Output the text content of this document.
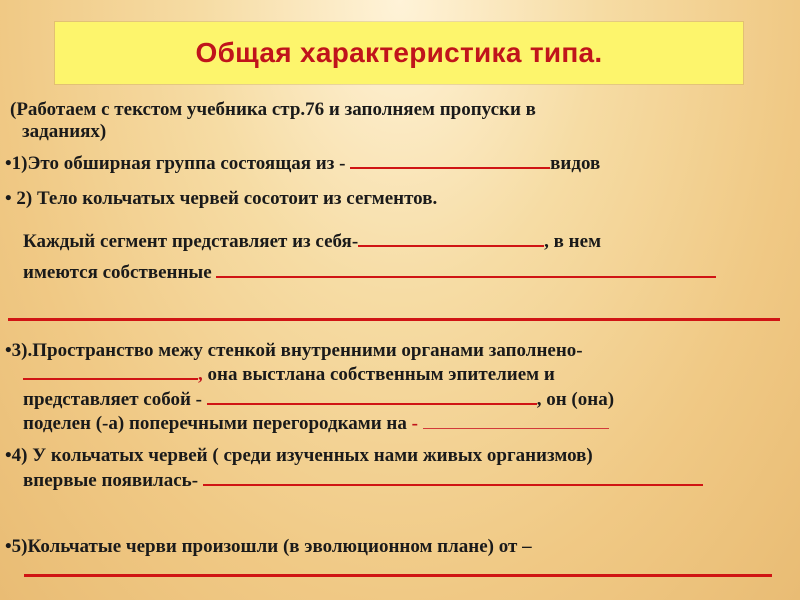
Общая характеристика типа.
(Работаем с текстом учебника стр.76 и заполняем пропуски в
заданиях)
•1)Это обширная группа состоящая из -	видов
• 2) Тело кольчатых червей сосотоит из сегментов.
Каждый сегмент представляет из себя-	, в нем
имеются собственные
•3).Пространство межу стенкой внутренними органами заполнено-
, она выстлана собственным эпителием и
представляет собой -	, он (она)
поделен (-а) поперечными перегородками на -
•4) У кольчатых червей ( среди изученных нами живых организмов)
впервые появилась-
•5)Кольчатые черви произошли (в эволюционном плане) от –
